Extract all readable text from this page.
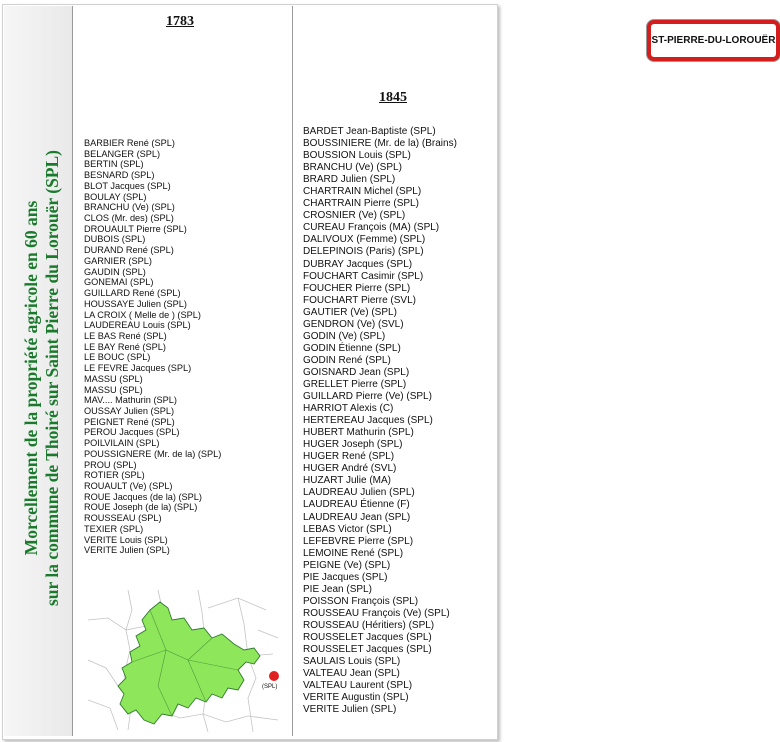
Morcellement de la propriété agricole en 60 ans sur la commune de Thoiré sur Saint Pierre du Lorouër (SPL)
1783
BARBIER René (SPL)
BELANGER (SPL)
BERTIN (SPL)
BESNARD (SPL)
BLOT Jacques (SPL)
BOULAY (SPL)
BRANCHU (Ve) (SPL)
CLOS (Mr. des) (SPL)
DROUAULT Pierre (SPL)
DUBOIS (SPL)
DURAND René (SPL)
GARNIER (SPL)
GAUDIN (SPL)
GONEMAI (SPL)
GUILLARD René (SPL)
HOUSSAYE Julien (SPL)
LA CROIX ( Melle de ) (SPL)
LAUDEREAU Louis (SPL)
LE BAS René (SPL)
LE BAY René (SPL)
LE BOUC (SPL)
LE FEVRE Jacques (SPL)
MASSU (SPL)
MASSU (SPL)
MAV.... Mathurin (SPL)
OUSSAY Julien (SPL)
PEIGNET René (SPL)
PEROU Jacques (SPL)
POILVILAIN (SPL)
POUSSIGNERE (Mr. de la) (SPL)
PROU (SPL)
ROTIER (SPL)
ROUAULT (Ve) (SPL)
ROUE Jacques (de la) (SPL)
ROUE Joseph (de la) (SPL)
ROUSSEAU (SPL)
TEXIER (SPL)
VERITE Louis (SPL)
VERITE Julien (SPL)
(SPL)
ST-PIERRE-DU-LOROUËR
1845
BARDET Jean-Baptiste (SPL)
BOUSSINIERE (Mr. de la) (Brains)
BOUSSION Louis (SPL)
BRANCHU (Ve) (SPL)
BRARD Julien (SPL)
CHARTRAIN Michel (SPL)
CHARTRAIN Pierre (SPL)
CROSNIER (Ve) (SPL)
CUREAU François (MA) (SPL)
DALIVOUX (Femme) (SPL)
DELEPINOIS (Paris) (SPL)
DUBRAY Jacques (SPL)
FOUCHART Casimir (SPL)
FOUCHER Pierre (SPL)
FOUCHART Pierre (SVL)
GAUTIER (Ve) (SPL)
GENDRON (Ve) (SVL)
GODIN (Ve) (SPL)
GODIN Étienne (SPL)
GODIN René (SPL)
GOISNARD Jean (SPL)
GRELLET Pierre (SPL)
GUILLARD Pierre (Ve) (SPL)
HARRIOT Alexis (C)
HERTEREAU Jacques (SPL)
HUBERT Mathurin (SPL)
HUGER Joseph (SPL)
HUGER René (SPL)
HUGER André (SVL)
HUZART Julie (MA)
LAUDREAU Julien (SPL)
LAUDREAU Étienne (F)
LAUDREAU Jean (SPL)
LEBAS Victor (SPL)
LEFEBVRE Pierre (SPL)
LEMOINE René (SPL)
PEIGNE (Ve) (SPL)
PIE Jacques (SPL)
PIE Jean (SPL)
POISSON François (SPL)
ROUSSEAU François (Ve) (SPL)
ROUSSEAU (Héritiers) (SPL)
ROUSSELET Jacques (SPL)
ROUSSELET Jacques (SPL)
SAULAIS Louis (SPL)
VALTEAU Jean (SPL)
VALTEAU Laurent (SPL)
VERITE Augustin (SPL)
VERITE Julien (SPL)
